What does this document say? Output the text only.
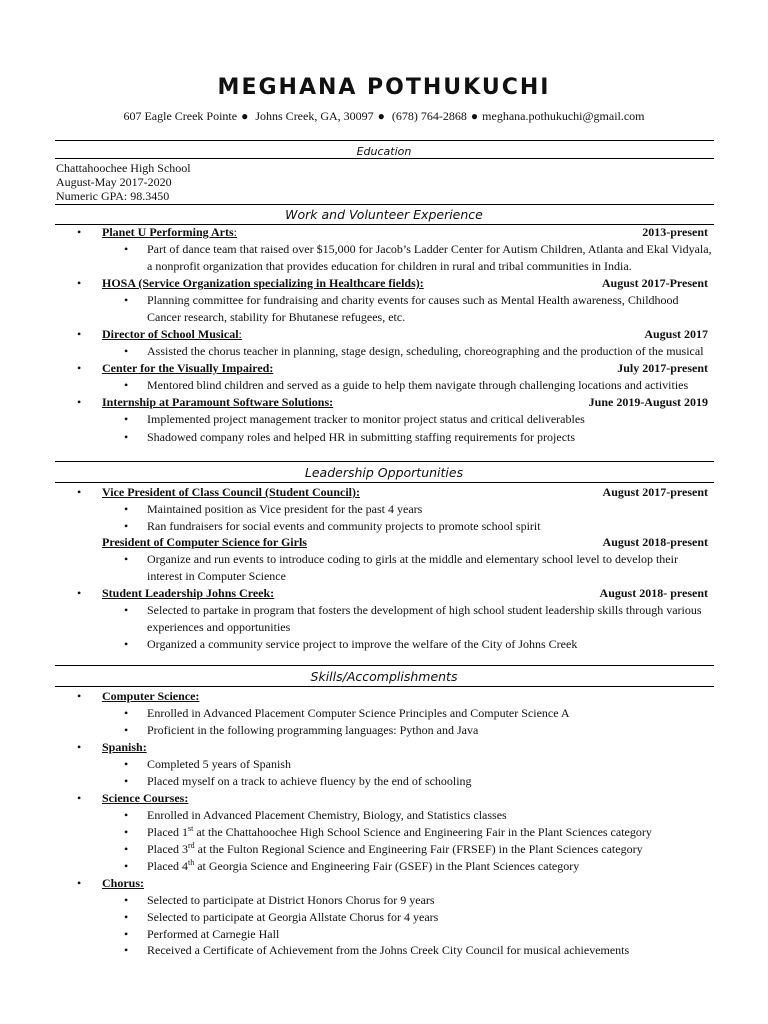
MEGHANA POTHUKUCHI
607 Eagle Creek Pointe ● Johns Creek, GA, 30097 ● (678) 764-2868 ● meghana.pothukuchi@gmail.com
Education
Chattahoochee High School
August-May 2017-2020
Numeric GPA: 98.3450
Work and Volunteer Experience
• Planet U Performing Arts:	2013-present
• Part of dance team that raised over $15,000 for Jacob’s Ladder Center for Autism Children, Atlanta and Ekal Vidyala,
a nonprofit organization that provides education for children in rural and tribal communities in India.
• HOSA (Service Organization specializing in Healthcare fields):	August 2017-Present
• Planning committee for fundraising and charity events for causes such as Mental Health awareness, Childhood
Cancer research, stability for Bhutanese refugees, etc.
• Director of School Musical:	August 2017
• Assisted the chorus teacher in planning, stage design, scheduling, choreographing and the production of the musical
• Center for the Visually Impaired:	July 2017-present
• Mentored blind children and served as a guide to help them navigate through challenging locations and activities
• Internship at Paramount Software Solutions:	June 2019-August 2019
• Implemented project management tracker to monitor project status and critical deliverables
• Shadowed company roles and helped HR in submitting staffing requirements for projects
Leadership Opportunities
• Vice President of Class Council (Student Council):	August 2017-present
• Maintained position as Vice president for the past 4 years
• Ran fundraisers for social events and community projects to promote school spirit
President of Computer Science for Girls	August 2018-present
• Organize and run events to introduce coding to girls at the middle and elementary school level to develop their
interest in Computer Science
• Student Leadership Johns Creek:	August 2018- present
• Selected to partake in program that fosters the development of high school student leadership skills through various
experiences and opportunities
• Organized a community service project to improve the welfare of the City of Johns Creek
Skills/Accomplishments
• Computer Science:
• Enrolled in Advanced Placement Computer Science Principles and Computer Science A
• Proficient in the following programming languages: Python and Java
• Spanish:
• Completed 5 years of Spanish
• Placed myself on a track to achieve fluency by the end of schooling
• Science Courses:
• Enrolled in Advanced Placement Chemistry, Biology, and Statistics classes
• Placed 1st at the Chattahoochee High School Science and Engineering Fair in the Plant Sciences category
• Placed 3rd at the Fulton Regional Science and Engineering Fair (FRSEF) in the Plant Sciences category
• Placed 4th at Georgia Science and Engineering Fair (GSEF) in the Plant Sciences category
• Chorus:
• Selected to participate at District Honors Chorus for 9 years
• Selected to participate at Georgia Allstate Chorus for 4 years
• Performed at Carnegie Hall
• Received a Certificate of Achievement from the Johns Creek City Council for musical achievements
